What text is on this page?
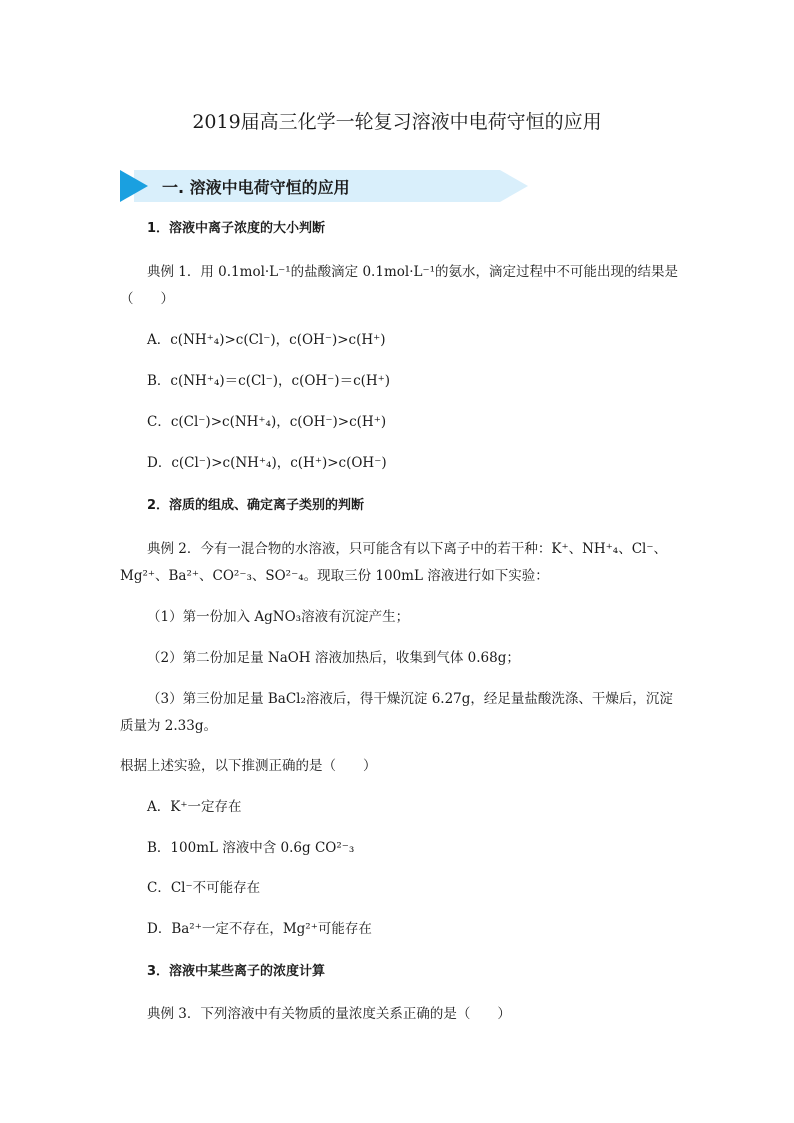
2019届高三化学一轮复习溶液中电荷守恒的应用
一. 溶液中电荷守恒的应用
1．溶液中离子浓度的大小判断
典例 1．用 0.1mol·L⁻¹的盐酸滴定 0.1mol·L⁻¹的氨水，滴定过程中不可能出现的结果是
（　　）
A．c(NH⁺₄)>c(Cl⁻)，c(OH⁻)>c(H⁺)
B．c(NH⁺₄)＝c(Cl⁻)，c(OH⁻)＝c(H⁺)
C．c(Cl⁻)>c(NH⁺₄)，c(OH⁻)>c(H⁺)
D．c(Cl⁻)>c(NH⁺₄)，c(H⁺)>c(OH⁻)
2．溶质的组成、确定离子类别的判断
典例 2．今有一混合物的水溶液，只可能含有以下离子中的若干种：K⁺、NH⁺₄、Cl⁻、
Mg²⁺、Ba²⁺、CO²⁻₃、SO²⁻₄。现取三份 100mL 溶液进行如下实验：
（1）第一份加入 AgNO₃溶液有沉淀产生；
（2）第二份加足量 NaOH 溶液加热后，收集到气体 0.68g；
（3）第三份加足量 BaCl₂溶液后，得干燥沉淀 6.27g，经足量盐酸洗涤、干燥后，沉淀
质量为 2.33g。
根据上述实验，以下推测正确的是（　　）
A．K⁺一定存在
B．100mL 溶液中含 0.6g CO²⁻₃
C．Cl⁻不可能存在
D．Ba²⁺一定不存在，Mg²⁺可能存在
3．溶液中某些离子的浓度计算
典例 3．下列溶液中有关物质的量浓度关系正确的是（　　）
